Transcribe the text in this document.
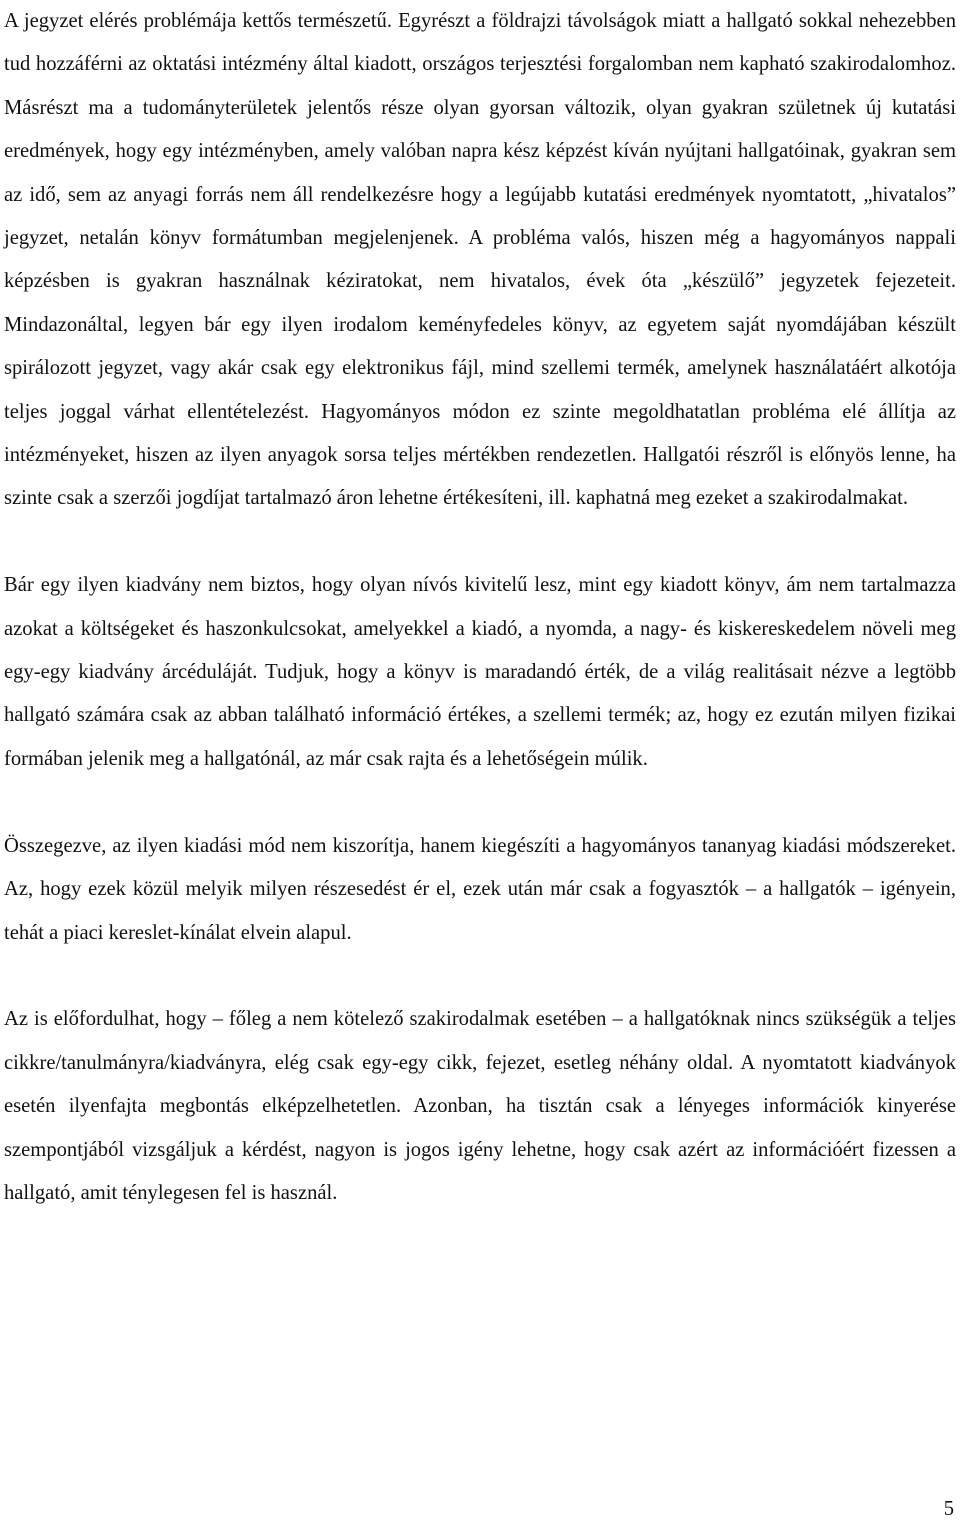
A jegyzet elérés problémája kettős természetű. Egyrészt a földrajzi távolságok miatt a hallgató sokkal nehezebben tud hozzáférni az oktatási intézmény által kiadott, országos terjesztési forgalomban nem kapható szakirodalomhoz. Másrészt ma a tudományterületek jelentős része olyan gyorsan változik, olyan gyakran születnek új kutatási eredmények, hogy egy intézményben, amely valóban napra kész képzést kíván nyújtani hallgatóinak, gyakran sem az idő, sem az anyagi forrás nem áll rendelkezésre hogy a legújabb kutatási eredmények nyomtatott, „hivatalos” jegyzet, netalán könyv formátumban megjelenjenek. A probléma valós, hiszen még a hagyományos nappali képzésben is gyakran használnak kéziratokat, nem hivatalos, évek óta „készülő” jegyzetek fejezeteit. Mindazonáltal, legyen bár egy ilyen irodalom keményfedeles könyv, az egyetem saját nyomdájában készült spirálozott jegyzet, vagy akár csak egy elektronikus fájl, mind szellemi termék, amelynek használatáért alkotója teljes joggal várhat ellentételezést. Hagyományos módon ez szinte megoldhatatlan probléma elé állítja az intézményeket, hiszen az ilyen anyagok sorsa teljes mértékben rendezetlen. Hallgatói részről is előnyös lenne, ha szinte csak a szerzői jogdíjat tartalmazó áron lehetne értékesíteni, ill. kaphatná meg ezeket a szakirodalmakat.

Bár egy ilyen kiadvány nem biztos, hogy olyan nívós kivitelű lesz, mint egy kiadott könyv, ám nem tartalmazza azokat a költségeket és haszonkulcsokat, amelyekkel a kiadó, a nyomda, a nagy- és kiskereskedelem növeli meg egy-egy kiadvány árcéduláját. Tudjuk, hogy a könyv is maradandó érték, de a világ realitásait nézve a legtöbb hallgató számára csak az abban található információ értékes, a szellemi termék; az, hogy ez ezután milyen fizikai formában jelenik meg a hallgatónál, az már csak rajta és a lehetőségein múlik.

Összegezve, az ilyen kiadási mód nem kiszorítja, hanem kiegészíti a hagyományos tananyag kiadási módszereket. Az, hogy ezek közül melyik milyen részesedést ér el, ezek után már csak a fogyasztók – a hallgatók – igényein, tehát a piaci kereslet-kínálat elvein alapul.

Az is előfordulhat, hogy – főleg a nem kötelező szakirodalmak esetében – a hallgatóknak nincs szükségük a teljes cikkre/tanulmányra/kiadványra, elég csak egy-egy cikk, fejezet, esetleg néhány oldal. A nyomtatott kiadványok esetén ilyenfajta megbontás elképzelhetetlen. Azonban, ha tisztán csak a lényeges információk kinyerése szempontjából vizsgáljuk a kérdést, nagyon is jogos igény lehetne, hogy csak azért az információért fizessen a hallgató, amit ténylegesen fel is használ.

5
